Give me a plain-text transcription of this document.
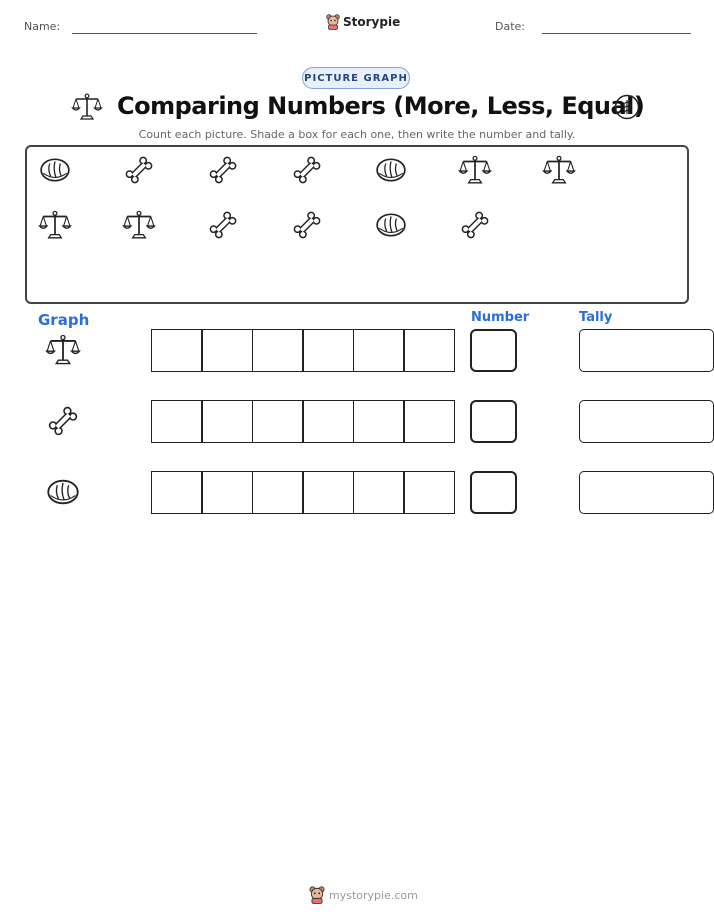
Name:	Storypie	Date:
PICTURE GRAPH
Comparing Numbers (More, Less, Equal)
Count each picture. Shade a box for each one, then write the number and tally.
Graph	Number	Tally
mystorypie.com
